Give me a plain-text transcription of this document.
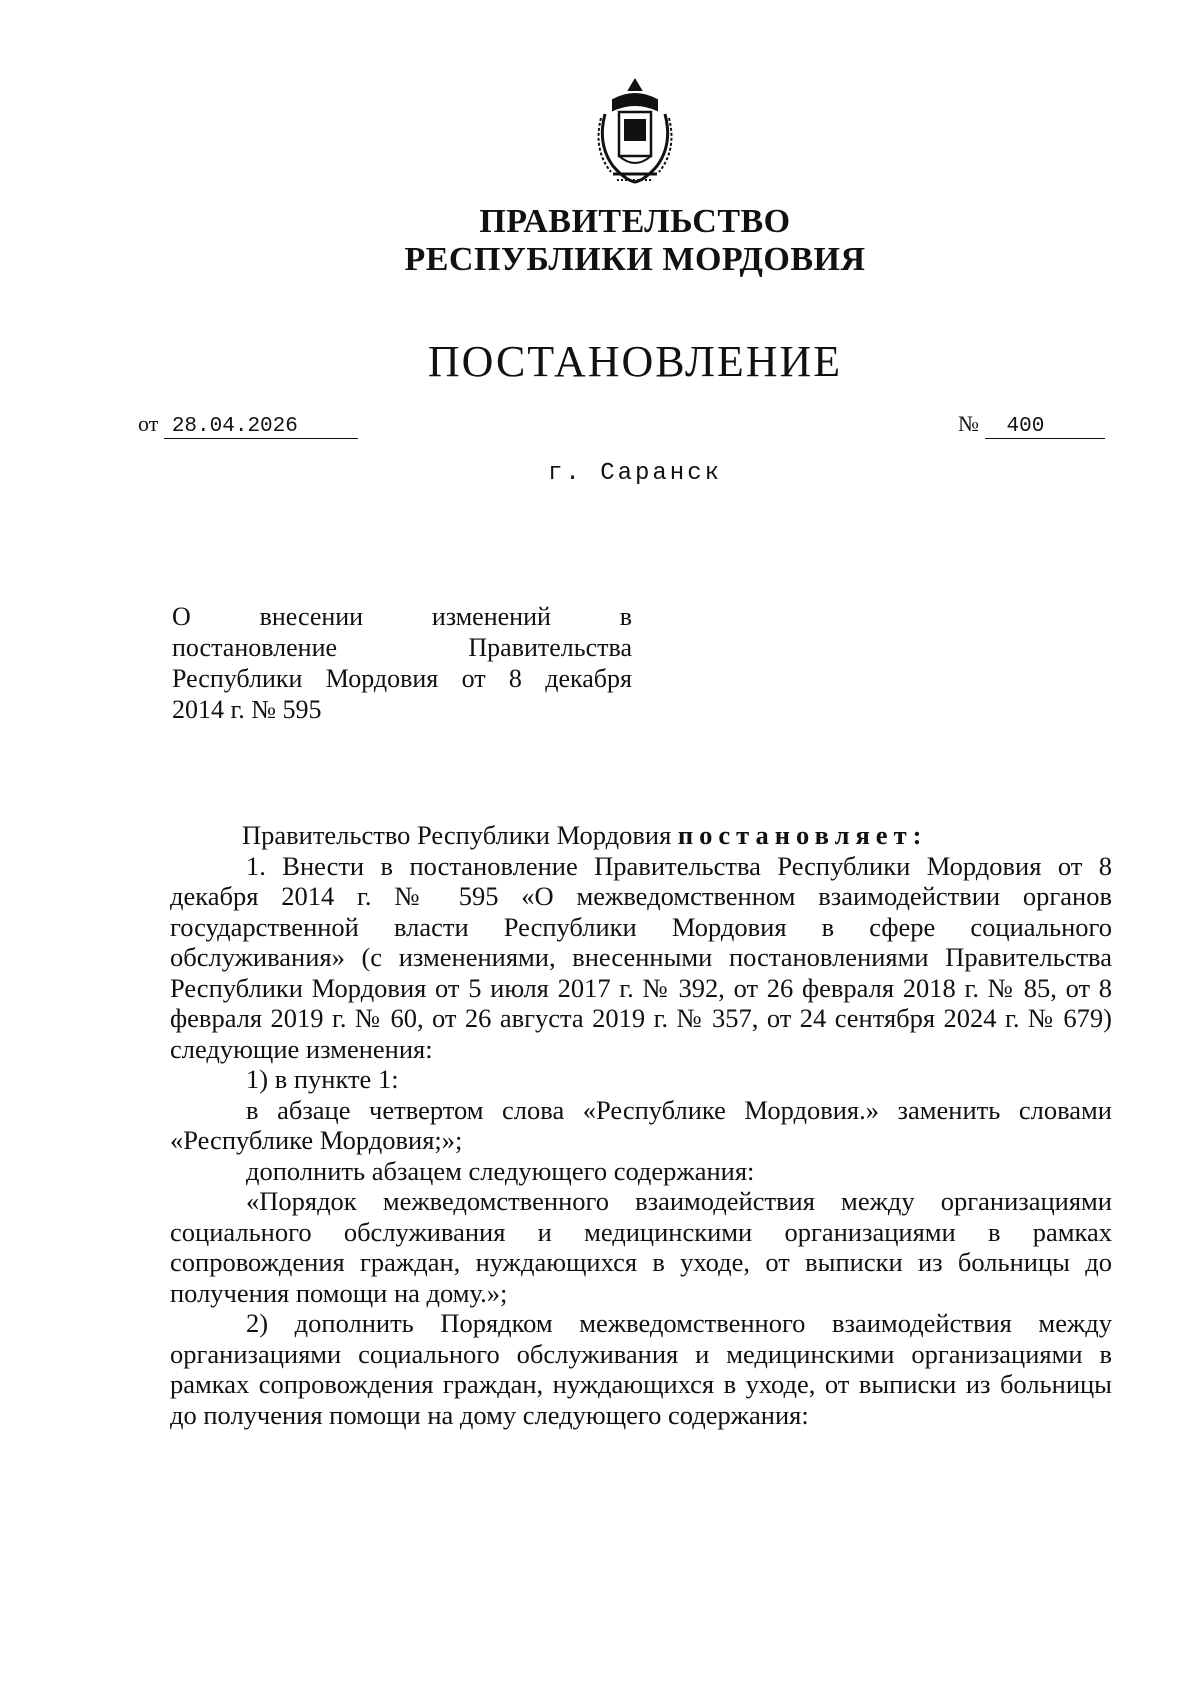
ПРАВИТЕЛЬСТВО
РЕСПУБЛИКИ МОРДОВИЯ
ПОСТАНОВЛЕНИЕ
от 28.04.2026	№ 400
г. Саранск
О	внесении	изменений	в
постановление	Правительства
Республики Мордовия от 8 декабря
2014 г. № 595

Правительство Республики Мордовия постановляет:

1. Внести в постановление Правительства Республики Мордовия от 8 декабря 2014 г. № 595 «О межведомственном взаимодействии органов государственной власти Республики Мордовия в сфере социального обслуживания» (с изменениями, внесенными постановлениями Правительства Республики Мордовия от 5 июля 2017 г. № 392, от 26 февраля 2018 г. № 85, от 8 февраля 2019 г. № 60, от 26 августа 2019 г. № 357, от 24 сентября 2024 г. № 679) следующие изменения:

1) в пункте 1:

в абзаце четвертом слова «Республике Мордовия.» заменить словами «Республике Мордовия;»;

дополнить абзацем следующего содержания:

«Порядок межведомственного взаимодействия между организациями социального обслуживания и медицинскими организациями в рамках сопровождения граждан, нуждающихся в уходе, от выписки из больницы до получения помощи на дому.»;

2) дополнить Порядком межведомственного взаимодействия между организациями социального обслуживания и медицинскими организациями в рамках сопровождения граждан, нуждающихся в уходе, от выписки из больницы до получения помощи на дому следующего содержания:
